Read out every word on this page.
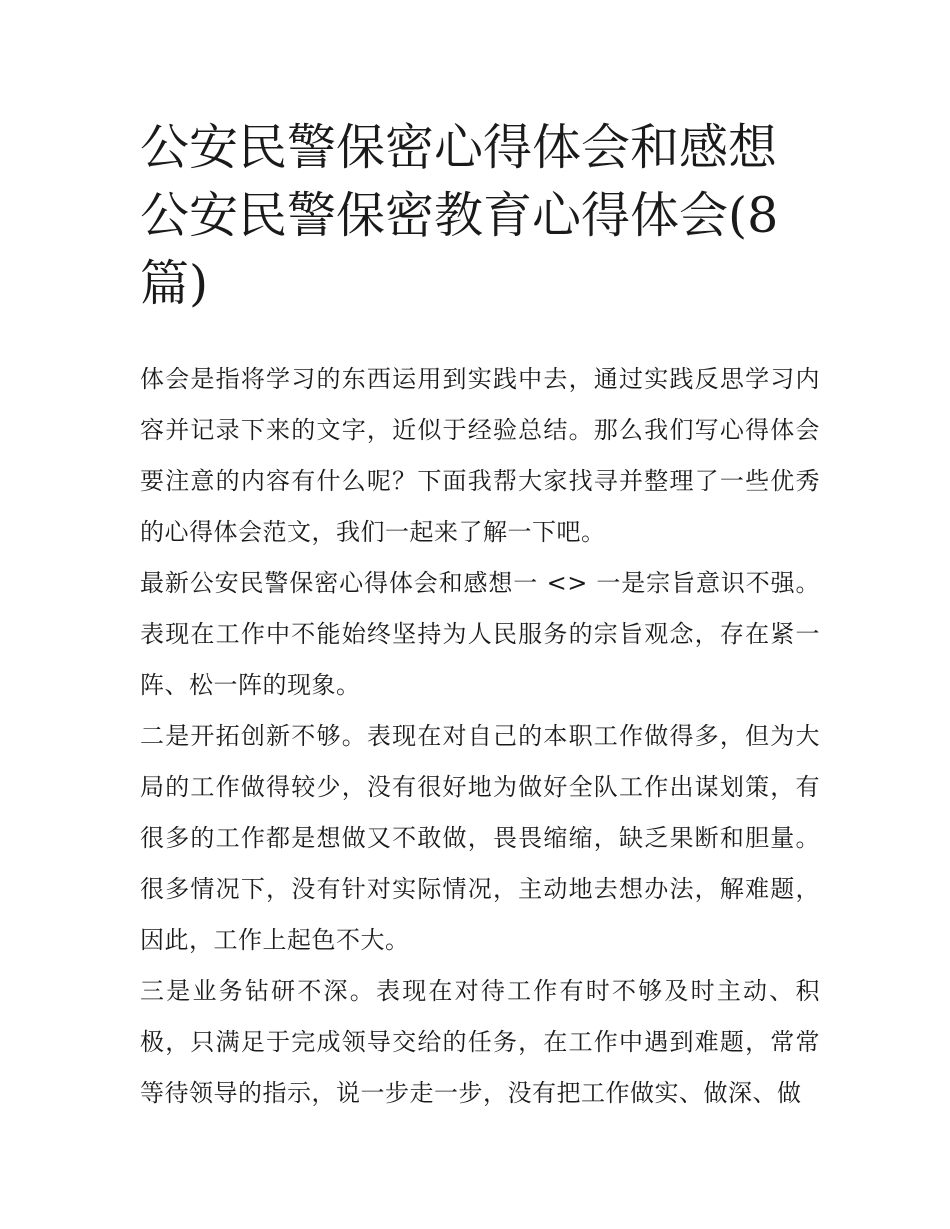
公安民警保密心得体会和感想公安民警保密教育心得体会(8篇)

体会是指将学习的东西运用到实践中去，通过实践反思学习内容并记录下来的文字，近似于经验总结。那么我们写心得体会要注意的内容有什么呢？下面我帮大家找寻并整理了一些优秀的心得体会范文，我们一起来了解一下吧。

最新公安民警保密心得体会和感想一 <> 一是宗旨意识不强。表现在工作中不能始终坚持为人民服务的宗旨观念，存在紧一阵、松一阵的现象。

二是开拓创新不够。表现在对自己的本职工作做得多，但为大局的工作做得较少，没有很好地为做好全队工作出谋划策，有很多的工作都是想做又不敢做，畏畏缩缩，缺乏果断和胆量。很多情况下，没有针对实际情况，主动地去想办法，解难题，因此，工作上起色不大。

三是业务钻研不深。表现在对待工作有时不够及时主动、积极，只满足于完成领导交给的任务，在工作中遇到难题，常常等待领导的指示，说一步走一步，没有把工作做实、做深、做
